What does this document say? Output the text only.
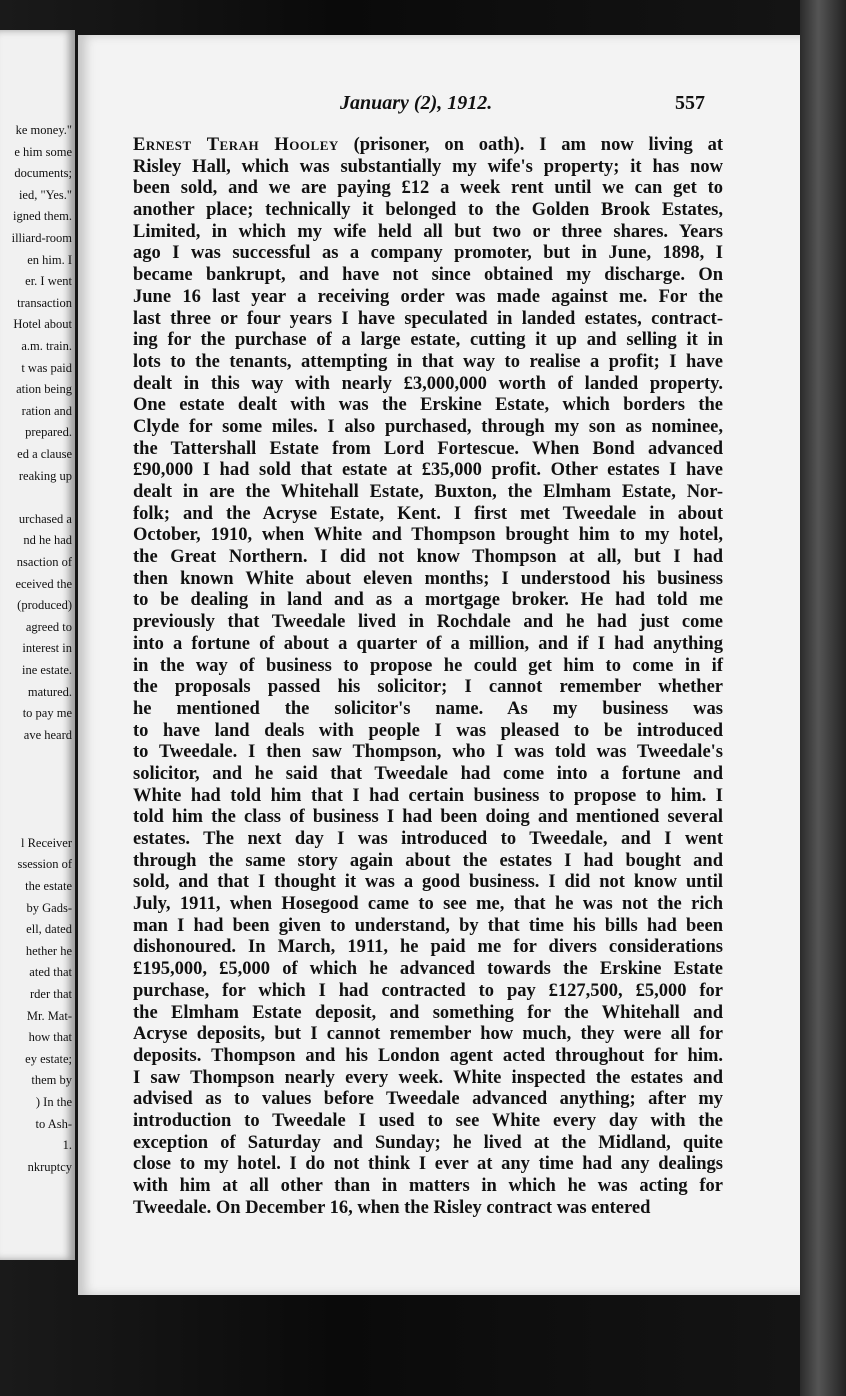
ke money."
e him some
documents;
ied, "Yes."
igned them.
illiard-room
en him. I
er. I went
transaction
Hotel about
a.m. train.
t was paid
ation being
ration and
prepared.
ed a clause
reaking up
urchased a
nd he had
nsaction of
eceived the
(produced)
agreed to
interest in
ine estate.
matured.
to pay me
ave heard
l Receiver
ssession of
the estate
by Gads-
ell, dated
hether he
ated that
rder that
Mr. Mat-
how that
ey estate;
them by
) In the
to Ash-
1.
nkruptcy
January (2), 1912.	557
Ernest Terah Hooley (prisoner, on oath). I am now living at
Risley Hall, which was substantially my wife's property; it has now
been sold, and we are paying £12 a week rent until we can get to
another place; technically it belonged to the Golden Brook Estates,
Limited, in which my wife held all but two or three shares. Years
ago I was successful as a company promoter, but in June, 1898, I
became bankrupt, and have not since obtained my discharge. On
June 16 last year a receiving order was made against me. For the
last three or four years I have speculated in landed estates, contract-
ing for the purchase of a large estate, cutting it up and selling it in
lots to the tenants, attempting in that way to realise a profit; I have
dealt in this way with nearly £3,000,000 worth of landed property.
One estate dealt with was the Erskine Estate, which borders the
Clyde for some miles. I also purchased, through my son as nominee,
the Tattershall Estate from Lord Fortescue. When Bond advanced
£90,000 I had sold that estate at £35,000 profit. Other estates I have
dealt in are the Whitehall Estate, Buxton, the Elmham Estate, Nor-
folk; and the Acryse Estate, Kent. I first met Tweedale in about
October, 1910, when White and Thompson brought him to my hotel,
the Great Northern. I did not know Thompson at all, but I had
then known White about eleven months; I understood his business
to be dealing in land and as a mortgage broker. He had told me
previously that Tweedale lived in Rochdale and he had just come
into a fortune of about a quarter of a million, and if I had anything
in the way of business to propose he could get him to come in if
the proposals passed his solicitor; I cannot remember whether
he mentioned the solicitor's name. As my business was
to have land deals with people I was pleased to be introduced
to Tweedale. I then saw Thompson, who I was told was Tweedale's
solicitor, and he said that Tweedale had come into a fortune and
White had told him that I had certain business to propose to him. I
told him the class of business I had been doing and mentioned several
estates. The next day I was introduced to Tweedale, and I went
through the same story again about the estates I had bought and
sold, and that I thought it was a good business. I did not know until
July, 1911, when Hosegood came to see me, that he was not the rich
man I had been given to understand, by that time his bills had been
dishonoured. In March, 1911, he paid me for divers considerations
£195,000, £5,000 of which he advanced towards the Erskine Estate
purchase, for which I had contracted to pay £127,500, £5,000 for
the Elmham Estate deposit, and something for the Whitehall and
Acryse deposits, but I cannot remember how much, they were all for
deposits. Thompson and his London agent acted throughout for him.
I saw Thompson nearly every week. White inspected the estates and
advised as to values before Tweedale advanced anything; after my
introduction to Tweedale I used to see White every day with the
exception of Saturday and Sunday; he lived at the Midland, quite
close to my hotel. I do not think I ever at any time had any dealings
with him at all other than in matters in which he was acting for
Tweedale. On December 16, when the Risley contract was entered
